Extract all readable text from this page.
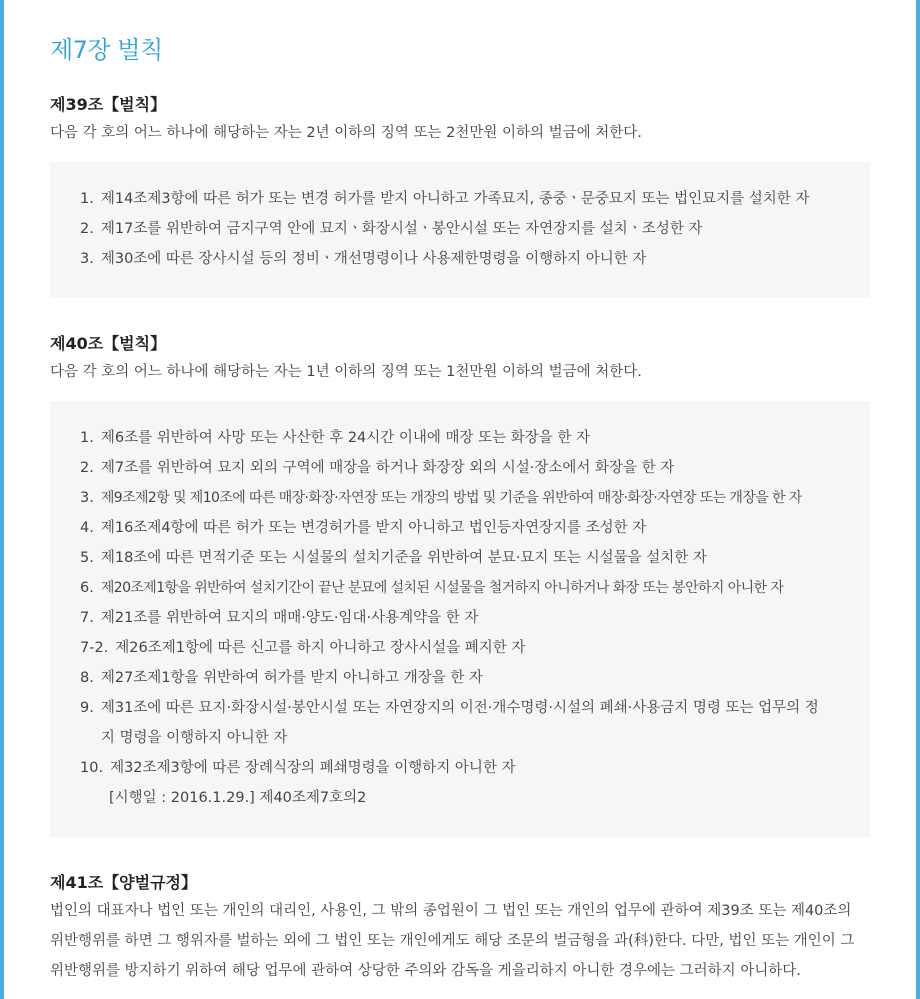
제7장 벌칙
제39조【벌칙】

다음 각 호의 어느 하나에 해당하는 자는 2년 이하의 징역 또는 2천만원 이하의 벌금에 처한다.

1. 제14조제3항에 따른 허가 또는 변경 허가를 받지 아니하고 가족묘지, 종중ㆍ문중묘지 또는 법인묘지를 설치한 자
2. 제17조를 위반하여 금지구역 안에 묘지ㆍ화장시설ㆍ봉안시설 또는 자연장지를 설치ㆍ조성한 자
3. 제30조에 따른 장사시설 등의 정비ㆍ개선명령이나 사용제한명령을 이행하지 아니한 자
제40조【벌칙】

다음 각 호의 어느 하나에 해당하는 자는 1년 이하의 징역 또는 1천만원 이하의 벌금에 처한다.

1. 제6조를 위반하여 사망 또는 사산한 후 24시간 이내에 매장 또는 화장을 한 자
2. 제7조를 위반하여 묘지 외의 구역에 매장을 하거나 화장장 외의 시설·장소에서 화장을 한 자
3. 제9조제2항 및 제10조에 따른 매장·화장·자연장 또는 개장의 방법 및 기준을 위반하여 매장·화장·자연장 또는 개장을 한 자
4. 제16조제4항에 따른 허가 또는 변경허가를 받지 아니하고 법인등자연장지를 조성한 자
5. 제18조에 따른 면적기준 또는 시설물의 설치기준을 위반하여 분묘·묘지 또는 시설물을 설치한 자
6. 제20조제1항을 위반하여 설치기간이 끝난 분묘에 설치된 시설물을 철거하지 아니하거나 화장 또는 봉안하지 아니한 자
7. 제21조를 위반하여 묘지의 매매·양도·임대·사용계약을 한 자
7-2. 제26조제1항에 따른 신고를 하지 아니하고 장사시설을 폐지한 자
8. 제27조제1항을 위반하여 허가를 받지 아니하고 개장을 한 자
9. 제31조에 따른 묘지·화장시설·봉안시설 또는 자연장지의 이전·개수명령·시설의 폐쇄·사용금지 명령 또는 업무의 정지 명령을 이행하지 아니한 자
10. 제32조제3항에 따른 장례식장의 폐쇄명령을 이행하지 아니한 자
[시행일 : 2016.1.29.] 제40조제7호의2
제41조【양벌규정】

법인의 대표자나 법인 또는 개인의 대리인, 사용인, 그 밖의 종업원이 그 법인 또는 개인의 업무에 관하여 제39조 또는 제40조의 위반행위를 하면 그 행위자를 벌하는 외에 그 법인 또는 개인에게도 해당 조문의 벌금형을 과(科)한다. 다만, 법인 또는 개인이 그 위반행위를 방지하기 위하여 해당 업무에 관하여 상당한 주의와 감독을 게을리하지 아니한 경우에는 그러하지 아니하다.
